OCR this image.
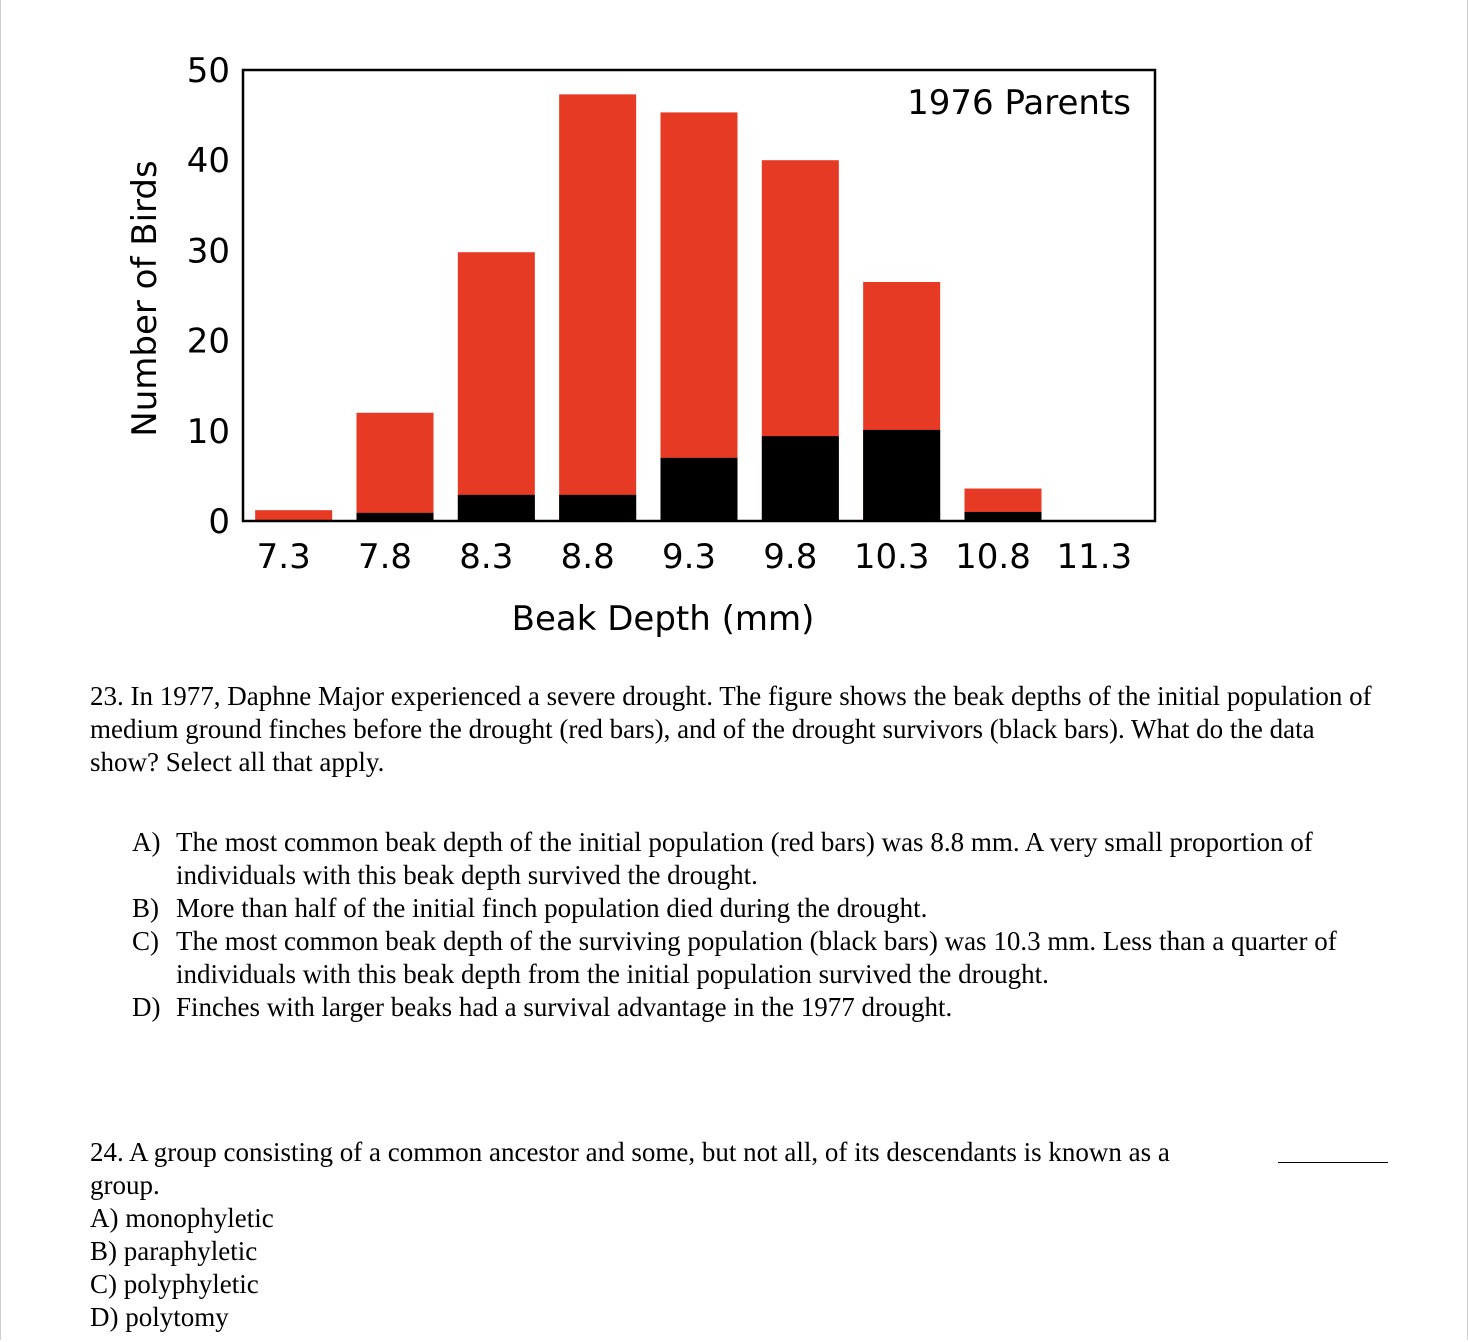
0
10
20
30
40
50
1976 Parents
7.3 7.8 8.3 8.8 9.3 9.8 10.3 10.8 11.3
Beak Depth (mm)
Number of Birds

23. In 1977, Daphne Major experienced a severe drought. The figure shows the beak depths of the initial population of medium ground finches before the drought (red bars), and of the drought survivors (black bars). What do the data show? Select all that apply.

A) The most common beak depth of the initial population (red bars) was 8.8 mm. A very small proportion of individuals with this beak depth survived the drought.
B) More than half of the initial finch population died during the drought.
C) The most common beak depth of the surviving population (black bars) was 10.3 mm. Less than a quarter of individuals with this beak depth from the initial population survived the drought.
D) Finches with larger beaks had a survival advantage in the 1977 drought.
24. A group consisting of a common ancestor and some, but not all, of its descendants is known as a
group.
A) monophyletic
B) paraphyletic
C) polyphyletic
D) polytomy
